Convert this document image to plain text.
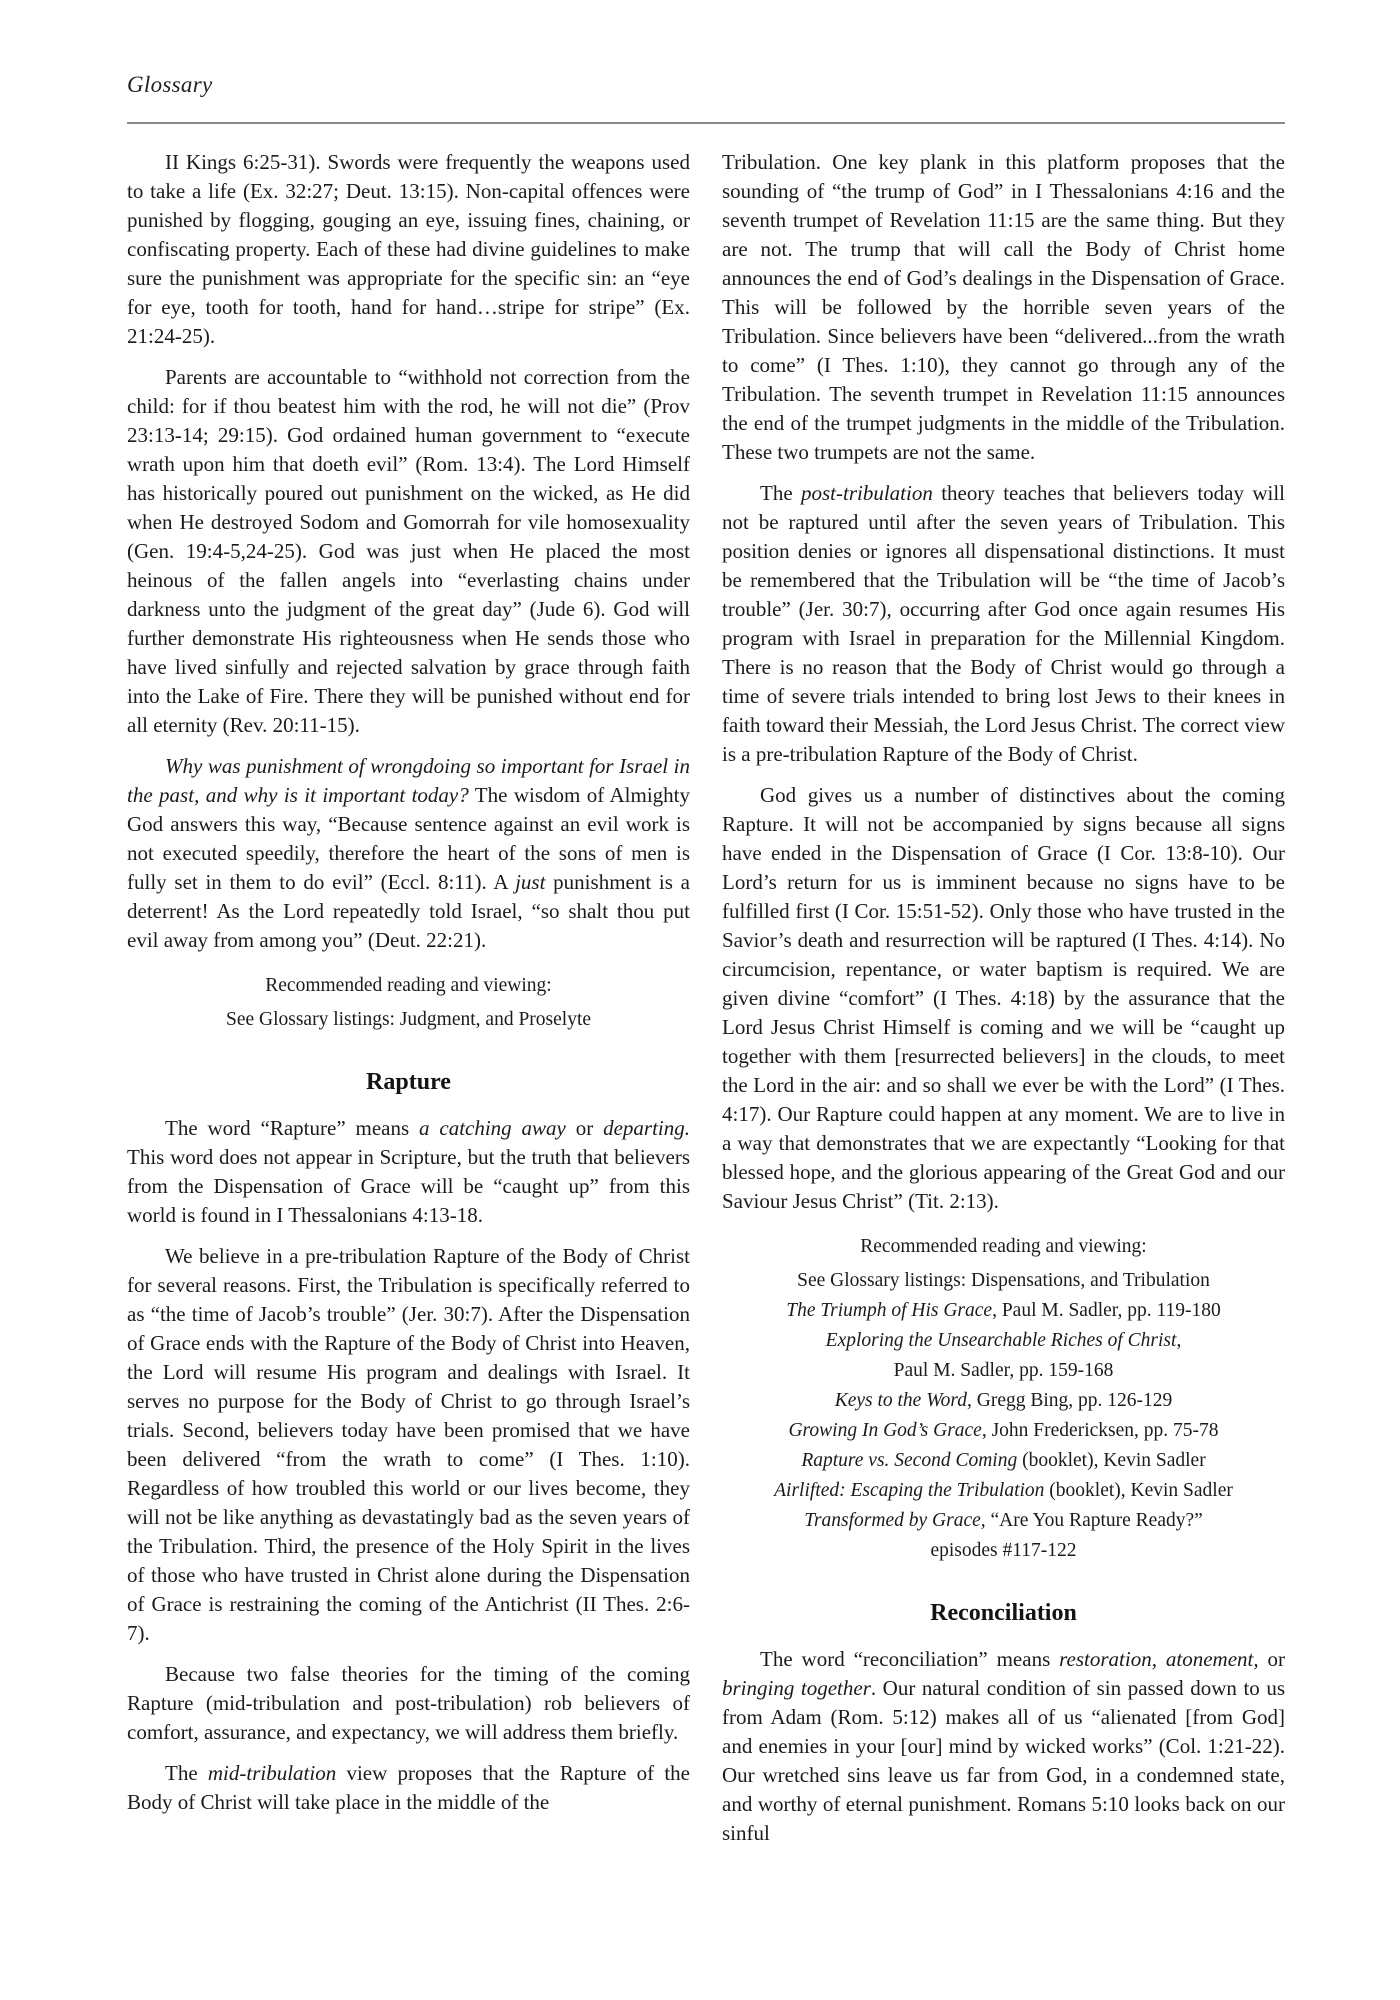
Glossary

II Kings 6:25-31). Swords were frequently the weapons used to take a life (Ex. 32:27; Deut. 13:15). Non-capital offences were punished by flogging, gouging an eye, issuing fines, chaining, or confiscating property. Each of these had divine guidelines to make sure the punishment was appropriate for the specific sin: an “eye for eye, tooth for tooth, hand for hand…stripe for stripe” (Ex. 21:24-25).

Parents are accountable to “withhold not correction from the child: for if thou beatest him with the rod, he will not die” (Prov 23:13-14; 29:15). God ordained human government to “execute wrath upon him that doeth evil” (Rom. 13:4). The Lord Himself has historically poured out punishment on the wicked, as He did when He destroyed Sodom and Gomorrah for vile homosexuality (Gen. 19:4-5,24-25). God was just when He placed the most heinous of the fallen angels into “everlasting chains under darkness unto the judgment of the great day” (Jude 6). God will further demonstrate His righteousness when He sends those who have lived sinfully and rejected salvation by grace through faith into the Lake of Fire. There they will be punished without end for all eternity (Rev. 20:11-15).

Why was punishment of wrongdoing so important for Israel in the past, and why is it important today? The wisdom of Almighty God answers this way, “Because sentence against an evil work is not executed speedily, therefore the heart of the sons of men is fully set in them to do evil” (Eccl. 8:11). A just punishment is a deterrent! As the Lord repeatedly told Israel, “so shalt thou put evil away from among you” (Deut. 22:21).

Recommended reading and viewing:
See Glossary listings: Judgment, and Proselyte
Rapture

The word “Rapture” means a catching away or departing. This word does not appear in Scripture, but the truth that believers from the Dispensation of Grace will be “caught up” from this world is found in I Thessalonians 4:13-18.

We believe in a pre-tribulation Rapture of the Body of Christ for several reasons. First, the Tribulation is specifically referred to as “the time of Jacob’s trouble” (Jer. 30:7). After the Dispensation of Grace ends with the Rapture of the Body of Christ into Heaven, the Lord will resume His program and dealings with Israel. It serves no purpose for the Body of Christ to go through Israel’s trials. Second, believers today have been promised that we have been delivered “from the wrath to come” (I Thes. 1:10). Regardless of how troubled this world or our lives become, they will not be like anything as devastatingly bad as the seven years of the Tribulation. Third, the presence of the Holy Spirit in the lives of those who have trusted in Christ alone during the Dispensation of Grace is restraining the coming of the Antichrist (II Thes. 2:6-7).

Because two false theories for the timing of the coming Rapture (mid-tribulation and post-tribulation) rob believers of comfort, assurance, and expectancy, we will address them briefly.

The mid-tribulation view proposes that the Rapture of the Body of Christ will take place in the middle of the

Tribulation. One key plank in this platform proposes that the sounding of “the trump of God” in I Thessalonians 4:16 and the seventh trumpet of Revelation 11:15 are the same thing. But they are not. The trump that will call the Body of Christ home announces the end of God’s dealings in the Dispensation of Grace. This will be followed by the horrible seven years of the Tribulation. Since believers have been “delivered...from the wrath to come” (I Thes. 1:10), they cannot go through any of the Tribulation. The seventh trumpet in Revelation 11:15 announces the end of the trumpet judgments in the middle of the Tribulation. These two trumpets are not the same.

The post-tribulation theory teaches that believers today will not be raptured until after the seven years of Tribulation. This position denies or ignores all dispensational distinctions. It must be remembered that the Tribulation will be “the time of Jacob’s trouble” (Jer. 30:7), occurring after God once again resumes His program with Israel in preparation for the Millennial Kingdom. There is no reason that the Body of Christ would go through a time of severe trials intended to bring lost Jews to their knees in faith toward their Messiah, the Lord Jesus Christ. The correct view is a pre-tribulation Rapture of the Body of Christ.

God gives us a number of distinctives about the coming Rapture. It will not be accompanied by signs because all signs have ended in the Dispensation of Grace (I Cor. 13:8-10). Our Lord’s return for us is imminent because no signs have to be fulfilled first (I Cor. 15:51-52). Only those who have trusted in the Savior’s death and resurrection will be raptured (I Thes. 4:14). No circumcision, repentance, or water baptism is required. We are given divine “comfort” (I Thes. 4:18) by the assurance that the Lord Jesus Christ Himself is coming and we will be “caught up together with them [resurrected believers] in the clouds, to meet the Lord in the air: and so shall we ever be with the Lord” (I Thes. 4:17). Our Rapture could happen at any moment. We are to live in a way that demonstrates that we are expectantly “Looking for that blessed hope, and the glorious appearing of the Great God and our Saviour Jesus Christ” (Tit. 2:13).

Recommended reading and viewing:
See Glossary listings: Dispensations, and Tribulation
The Triumph of His Grace, Paul M. Sadler, pp. 119-180
Exploring the Unsearchable Riches of Christ,
Paul M. Sadler, pp. 159-168
Keys to the Word, Gregg Bing, pp. 126-129
Growing In God’s Grace, John Fredericksen, pp. 75-78
Rapture vs. Second Coming (booklet), Kevin Sadler
Airlifted: Escaping the Tribulation (booklet), Kevin Sadler
Transformed by Grace, “Are You Rapture Ready?”
episodes #117-122
Reconciliation

The word “reconciliation” means restoration, atonement, or bringing together. Our natural condition of sin passed down to us from Adam (Rom. 5:12) makes all of us “alienated [from God] and enemies in your [our] mind by wicked works” (Col. 1:21-22). Our wretched sins leave us far from God, in a condemned state, and worthy of eternal punishment. Romans 5:10 looks back on our sinful
